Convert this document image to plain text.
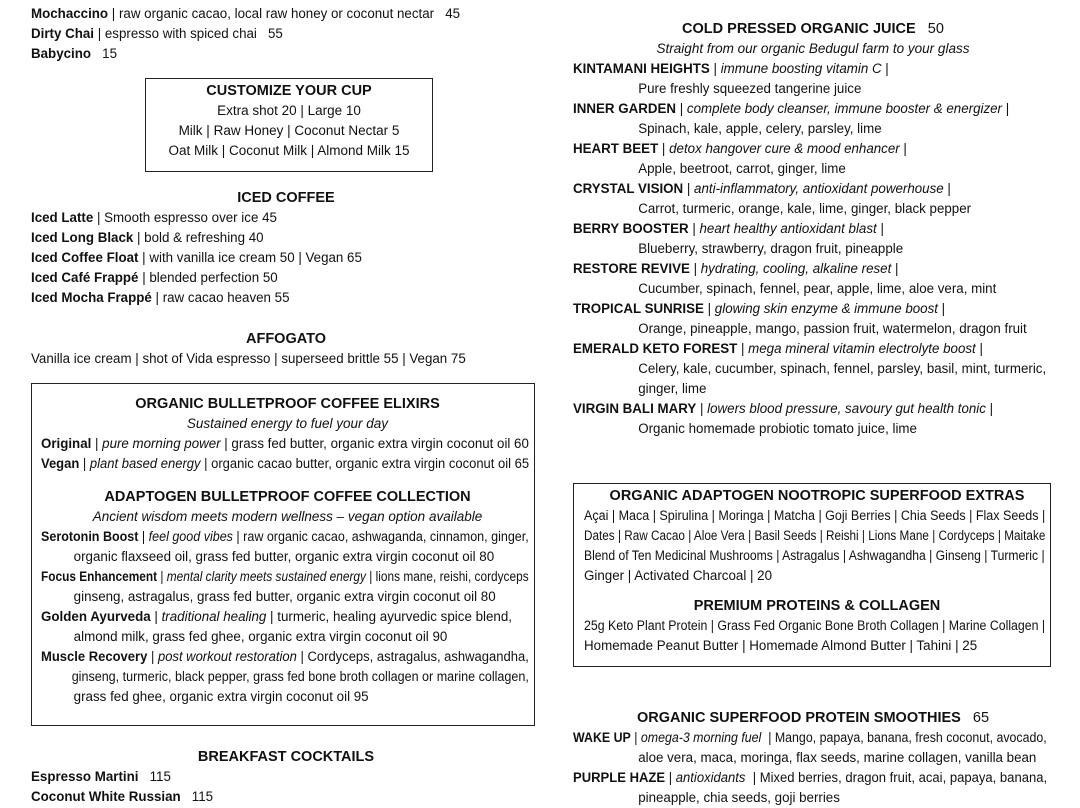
Mochaccino | raw organic cacao, local raw honey or coconut nectar 45
Dirty Chai | espresso with spiced chai 55
Babycino 15
CUSTOMIZE YOUR CUP
Extra shot 20 | Large 10
Milk | Raw Honey | Coconut Nectar 5
Oat Milk | Coconut Milk | Almond Milk 15
ICED COFFEE
Iced Latte | Smooth espresso over ice 45
Iced Long Black | bold & refreshing 40
Iced Coffee Float | with vanilla ice cream 50 | Vegan 65
Iced Café Frappé | blended perfection 50
Iced Mocha Frappé | raw cacao heaven 55
AFFOGATO
Vanilla ice cream | shot of Vida espresso | superseed brittle 55 | Vegan 75
ORGANIC BULLETPROOF COFFEE ELIXIRS
Sustained energy to fuel your day
Original | pure morning power | grass fed butter, organic extra virgin coconut oil 60
Vegan | plant based energy | organic cacao butter, organic extra virgin coconut oil 65
ADAPTOGEN BULLETPROOF COFFEE COLLECTION
Ancient wisdom meets modern wellness – vegan option available
Serotonin Boost | feel good vibes | raw organic cacao, ashwaganda, cinnamon, ginger,
organic flaxseed oil, grass fed butter, organic extra virgin coconut oil 80
Focus Enhancement | mental clarity meets sustained energy | lions mane, reishi, cordyceps
ginseng, astragalus, grass fed butter, organic extra virgin coconut oil 80
Golden Ayurveda | traditional healing | turmeric, healing ayurvedic spice blend,
almond milk, grass fed ghee, organic extra virgin coconut oil 90
Muscle Recovery | post workout restoration | Cordyceps, astragalus, ashwagandha,
ginseng, turmeric, black pepper, grass fed bone broth collagen or marine collagen,
grass fed ghee, organic extra virgin coconut oil 95
BREAKFAST COCKTAILS
Espresso Martini 115
Coconut White Russian 115
COLD PRESSED ORGANIC JUICE 50
Straight from our organic Bedugul farm to your glass
KINTAMANI HEIGHTS | immune boosting vitamin C |
Pure freshly squeezed tangerine juice
INNER GARDEN | complete body cleanser, immune booster & energizer |
Spinach, kale, apple, celery, parsley, lime
HEART BEET | detox hangover cure & mood enhancer |
Apple, beetroot, carrot, ginger, lime
CRYSTAL VISION | anti-inflammatory, antioxidant powerhouse |
Carrot, turmeric, orange, kale, lime, ginger, black pepper
BERRY BOOSTER | heart healthy antioxidant blast |
Blueberry, strawberry, dragon fruit, pineapple
RESTORE REVIVE | hydrating, cooling, alkaline reset |
Cucumber, spinach, fennel, pear, apple, lime, aloe vera, mint
TROPICAL SUNRISE | glowing skin enzyme & immune boost |
Orange, pineapple, mango, passion fruit, watermelon, dragon fruit
EMERALD KETO FOREST | mega mineral vitamin electrolyte boost |
Celery, kale, cucumber, spinach, fennel, parsley, basil, mint, turmeric,
ginger, lime
VIRGIN BALI MARY | lowers blood pressure, savoury gut health tonic |
Organic homemade probiotic tomato juice, lime
ORGANIC ADAPTOGEN NOOTROPIC SUPERFOOD EXTRAS
Açai | Maca | Spirulina | Moringa | Matcha | Goji Berries | Chia Seeds | Flax Seeds |
Dates | Raw Cacao | Aloe Vera | Basil Seeds | Reishi | Lions Mane | Cordyceps | Maitake
Blend of Ten Medicinal Mushrooms | Astragalus | Ashwagandha | Ginseng | Turmeric |
Ginger | Activated Charcoal | 20
PREMIUM PROTEINS & COLLAGEN
25g Keto Plant Protein | Grass Fed Organic Bone Broth Collagen | Marine Collagen |
Homemade Peanut Butter | Homemade Almond Butter | Tahini | 25
ORGANIC SUPERFOOD PROTEIN SMOOTHIES 65
WAKE UP | omega-3 morning fuel  | Mango, papaya, banana, fresh coconut, avocado,
aloe vera, maca, moringa, flax seeds, marine collagen, vanilla bean
PURPLE HAZE | antioxidants  | Mixed berries, dragon fruit, acai, papaya, banana,
pineapple, chia seeds, goji berries
